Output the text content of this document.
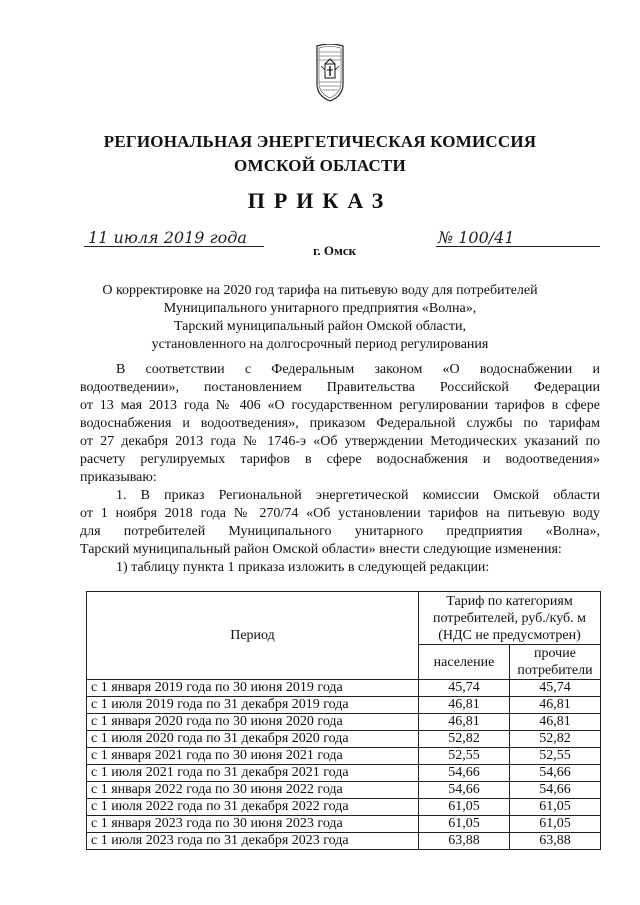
РЕГИОНАЛЬНАЯ ЭНЕРГЕТИЧЕСКАЯ КОМИССИЯ
ОМСКОЙ ОБЛАСТИ
ПРИКАЗ
11 июля 2019 года
г. Омск
№ 100/41
О корректировке на 2020 год тарифа на питьевую воду для потребителей
Муниципального унитарного предприятия «Волна»,
Тарский муниципальный район Омской области,
установленного на долгосрочный период регулирования
В соответствии с Федеральным законом «О водоснабжении и
водоотведении», постановлением Правительства Российской Федерации
от 13 мая 2013 года № 406 «О государственном регулировании тарифов в сфере
водоснабжения и водоотведения», приказом Федеральной службы по тарифам
от 27 декабря 2013 года № 1746-э «Об утверждении Методических указаний по
расчету регулируемых тарифов в сфере водоснабжения и водоотведения»
приказываю:
1. В приказ Региональной энергетической комиссии Омской области
от 1 ноября 2018 года № 270/74 «Об установлении тарифов на питьевую воду
для потребителей Муниципального унитарного предприятия «Волна»,
Тарский муниципальный район Омской области» внести следующие изменения:
1) таблицу пункта 1 приказа изложить в следующей редакции:
Период	Тариф по категориям
потребителей, руб./куб. м
(НДС не предусмотрен)	

	население	прочие
потребители

с 1 января 2019 года по 30 июня 2019 года	45,74	45,74
с 1 июля 2019 года по 31 декабря 2019 года	46,81	46,81
с 1 января 2020 года по 30 июня 2020 года	46,81	46,81
с 1 июля 2020 года по 31 декабря 2020 года	52,82	52,82
с 1 января 2021 года по 30 июня 2021 года	52,55	52,55
с 1 июля 2021 года по 31 декабря 2021 года	54,66	54,66
с 1 января 2022 года по 30 июня 2022 года	54,66	54,66
с 1 июля 2022 года по 31 декабря 2022 года	61,05	61,05
с 1 января 2023 года по 30 июня 2023 года	61,05	61,05
с 1 июля 2023 года по 31 декабря 2023 года	63,88	63,88
